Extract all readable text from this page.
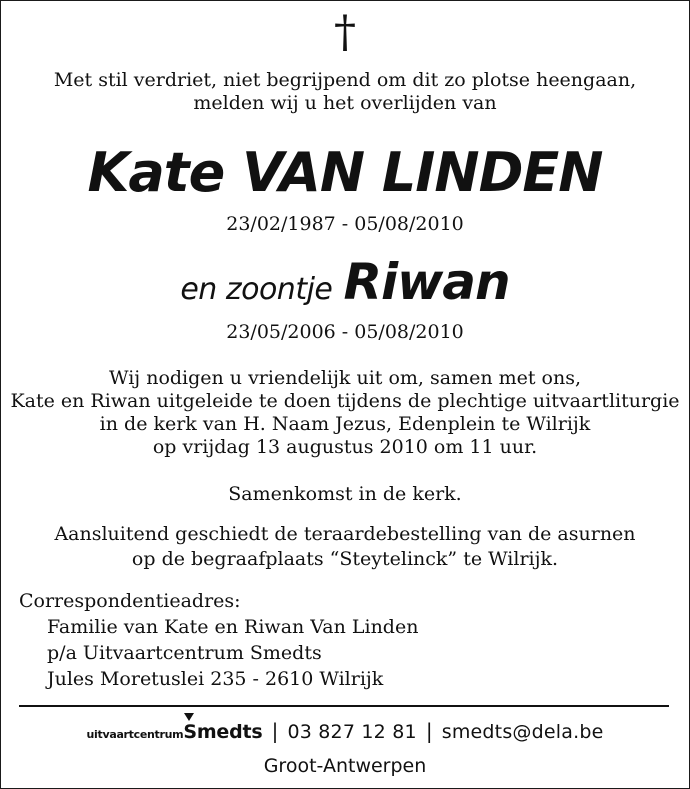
†
Met stil verdriet, niet begrijpend om dit zo plotse heengaan,
melden wij u het overlijden van
Kate VAN LINDEN
23/02/1987 - 05/08/2010
en zoontje Riwan
23/05/2006 - 05/08/2010
Wij nodigen u vriendelijk uit om, samen met ons,
Kate en Riwan uitgeleide te doen tijdens de plechtige uitvaartliturgie
in de kerk van H. Naam Jezus, Edenplein te Wilrijk
op vrijdag 13 augustus 2010 om 11 uur.
Samenkomst in de kerk.
Aansluitend geschiedt de teraardebestelling van de asurnen
op de begraafplaats “Steytelinck” te Wilrijk.
Correspondentieadres:
Familie van Kate en Riwan Van Linden
p/a Uitvaartcentrum Smedts
Jules Moretuslei 235 - 2610 Wilrijk
uitvaartcentrumSmedts | 03 827 12 81 | smedts@dela.be
Groot-Antwerpen
